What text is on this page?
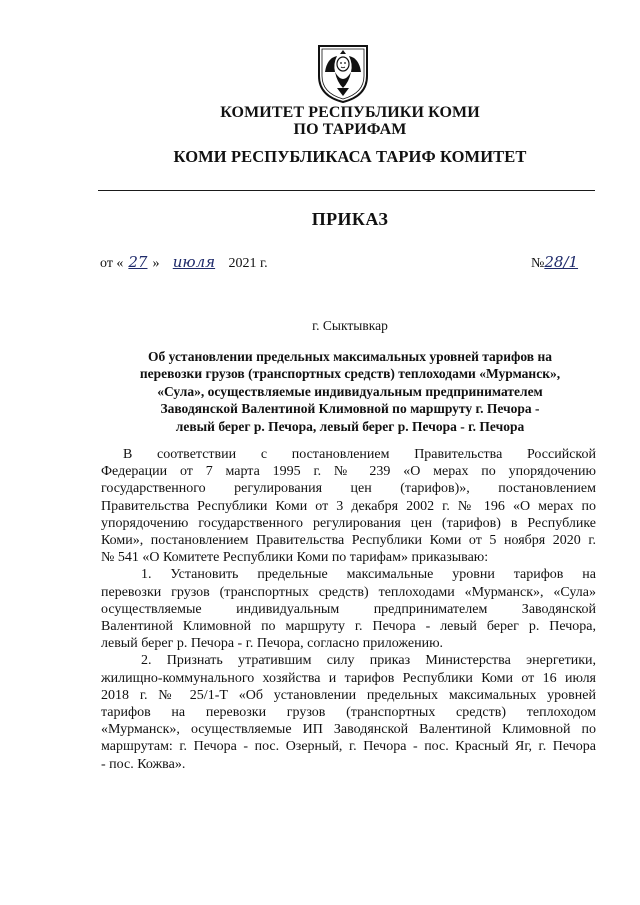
КОМИТЕТ РЕСПУБЛИКИ КОМИ
ПО ТАРИФАМ
КОМИ РЕСПУБЛИКАСА ТАРИФ КОМИТЕТ
ПРИКАЗ
от « 27 » июля 2021 г.	№28/1
г. Сыктывкар
Об установлении предельных максимальных уровней тарифов на
перевозки грузов (транспортных средств) теплоходами «Мурманск»,
«Сула», осуществляемые индивидуальным предпринимателем
Заводянской Валентиной Климовной по маршруту г. Печора -
левый берег р. Печора, левый берег р. Печора - г. Печора
В соответствии с постановлением Правительства Российской
Федерации от 7 марта 1995 г. № 239 «О мерах по упорядочению
государственного регулирования цен (тарифов)», постановлением
Правительства Республики Коми от 3 декабря 2002 г. № 196 «О мерах по
упорядочению государственного регулирования цен (тарифов) в Республике
Коми», постановлением Правительства Республики Коми от 5 ноября 2020 г.
№ 541 «О Комитете Республики Коми по тарифам» приказываю:
1. Установить предельные максимальные уровни тарифов на
перевозки грузов (транспортных средств) теплоходами «Мурманск», «Сула»
осуществляемые индивидуальным предпринимателем Заводянской
Валентиной Климовной по маршруту г. Печора - левый берег р. Печора,
левый берег р. Печора - г. Печора, согласно приложению.
2. Признать утратившим силу приказ Министерства энергетики,
жилищно-коммунального хозяйства и тарифов Республики Коми от 16 июля
2018 г. № 25/1-Т «Об установлении предельных максимальных уровней
тарифов на перевозки грузов (транспортных средств) теплоходом
«Мурманск», осуществляемые ИП Заводянской Валентиной Климовной по
маршрутам: г. Печора - пос. Озерный, г. Печора - пос. Красный Яг, г. Печора
- пос. Кожва».
